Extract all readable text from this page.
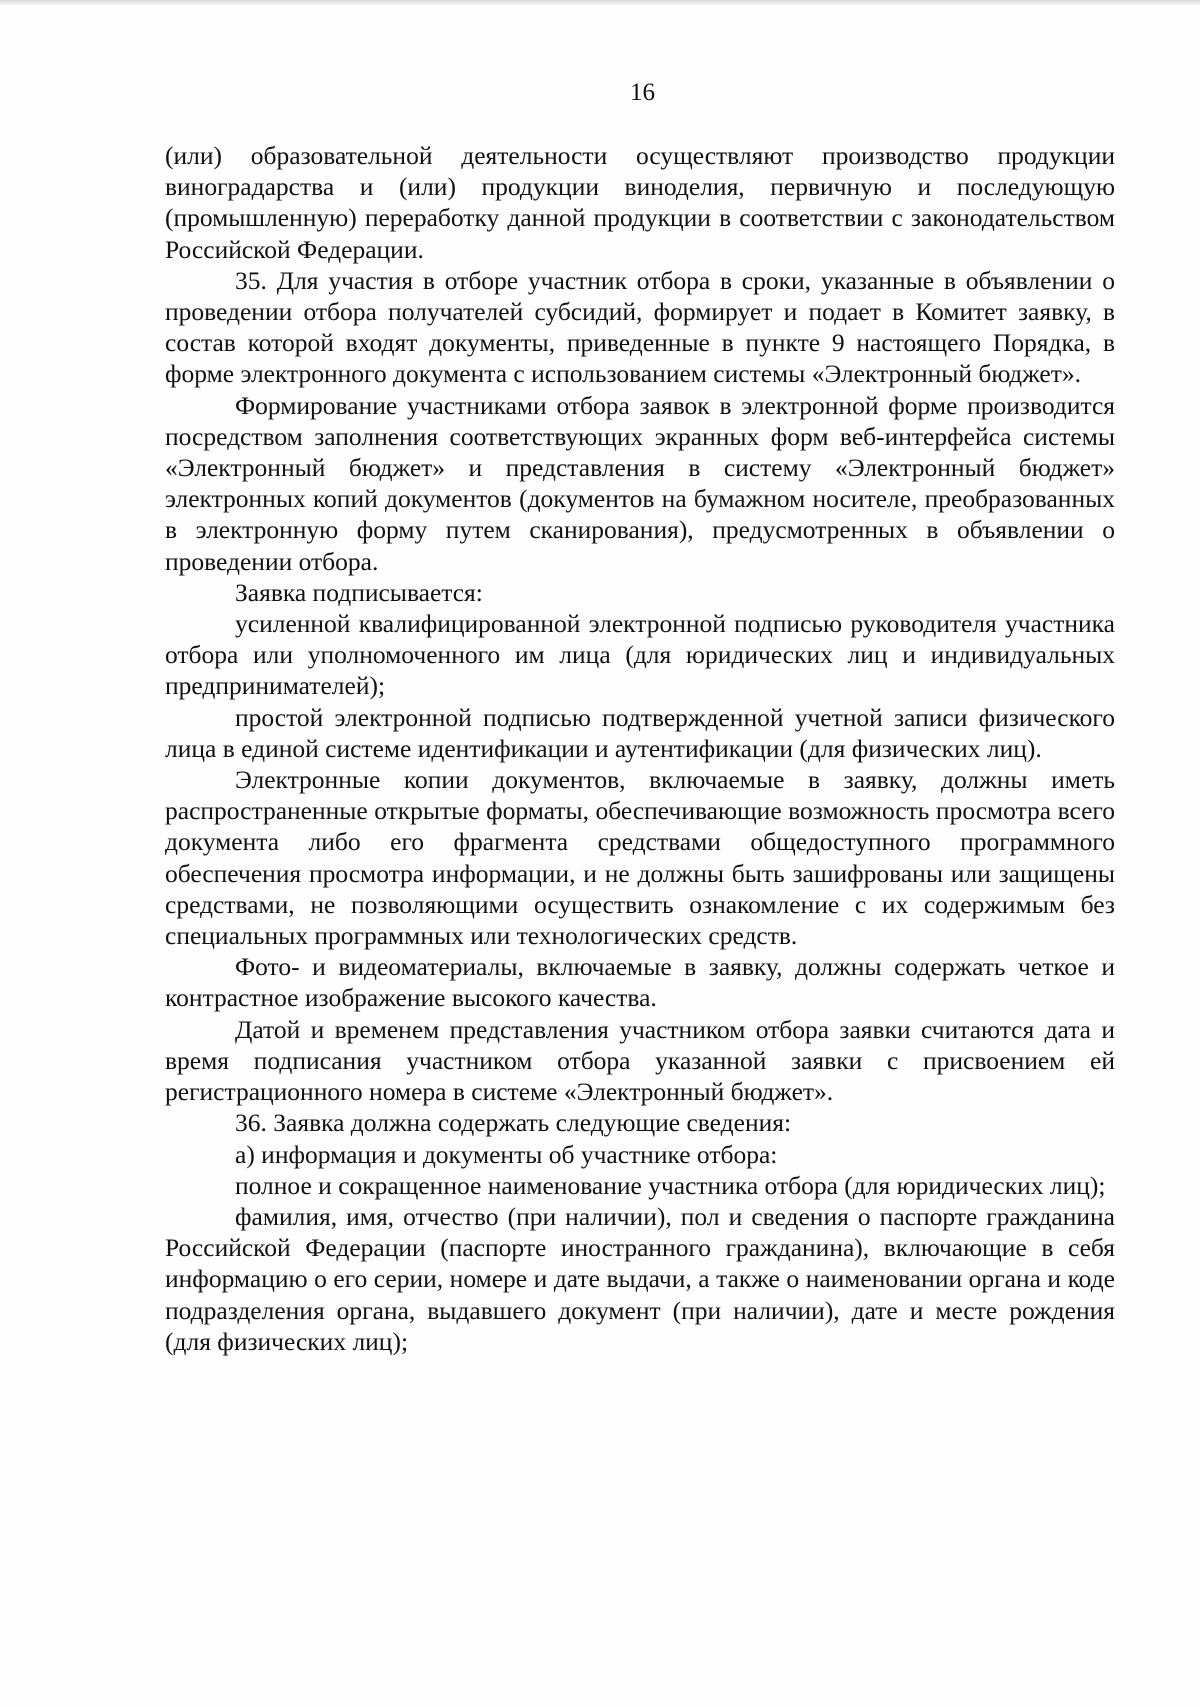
16

(или) образовательной деятельности осуществляют производство продукции виноградарства и (или) продукции виноделия, первичную и последующую (промышленную) переработку данной продукции в соответствии с законодательством Российской Федерации.

35. Для участия в отборе участник отбора в сроки, указанные в объявлении о проведении отбора получателей субсидий, формирует и подает в Комитет заявку, в состав которой входят документы, приведенные в пункте 9 настоящего Порядка, в форме электронного документа с использованием системы «Электронный бюджет».

Формирование участниками отбора заявок в электронной форме производится посредством заполнения соответствующих экранных форм веб-интерфейса системы «Электронный бюджет» и представления в систему «Электронный бюджет» электронных копий документов (документов на бумажном носителе, преобразованных в электронную форму путем сканирования), предусмотренных в объявлении о проведении отбора.

Заявка подписывается:

усиленной квалифицированной электронной подписью руководителя участника отбора или уполномоченного им лица (для юридических лиц и индивидуальных предпринимателей);

простой электронной подписью подтвержденной учетной записи физического лица в единой системе идентификации и аутентификации (для физических лиц).

Электронные копии документов, включаемые в заявку, должны иметь распространенные открытые форматы, обеспечивающие возможность просмотра всего документа либо его фрагмента средствами общедоступного программного обеспечения просмотра информации, и не должны быть зашифрованы или защищены средствами, не позволяющими осуществить ознакомление с их содержимым без специальных программных или технологических средств.

Фото- и видеоматериалы, включаемые в заявку, должны содержать четкое и контрастное изображение высокого качества.

Датой и временем представления участником отбора заявки считаются дата и время подписания участником отбора указанной заявки с присвоением ей регистрационного номера в системе «Электронный бюджет».

36. Заявка должна содержать следующие сведения:

а) информация и документы об участнике отбора:

полное и сокращенное наименование участника отбора (для юридических лиц);

фамилия, имя, отчество (при наличии), пол и сведения о паспорте гражданина Российской Федерации (паспорте иностранного гражданина), включающие в себя информацию о его серии, номере и дате выдачи, а также о наименовании органа и коде подразделения органа, выдавшего документ (при наличии), дате и месте рождения (для физических лиц);
